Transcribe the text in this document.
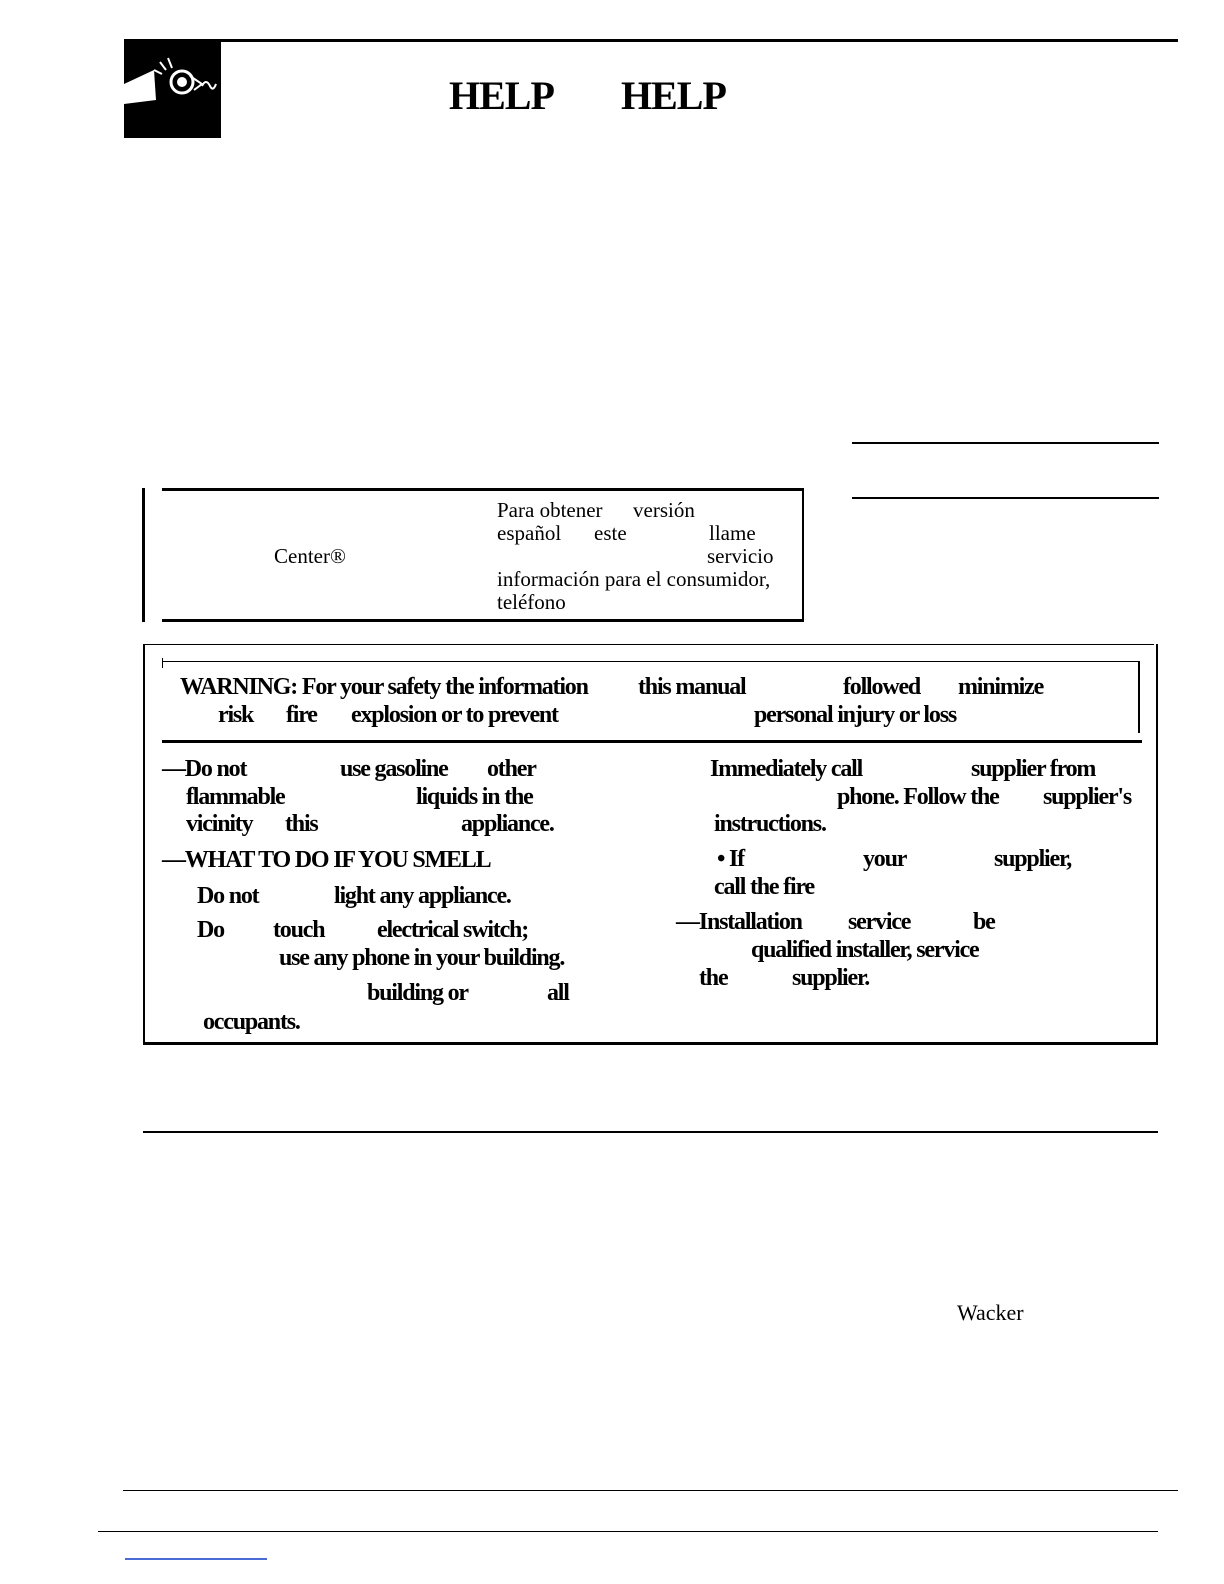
HELP HELP
Center®
Para obtener versión
español este	llame
servicio
información para el consumidor,
teléfono
WARNING: For your safety the information this manual	followed minimize
risk fire explosion or to prevent	personal injury or loss
—Do not	use gasoline other
flammable	liquids in the
vicinity this	appliance.
—WHAT TO DO IF YOU SMELL
Do not	light any appliance.
Do touch electrical switch;
use any phone in your building.
building or	all
occupants.
Immediately call	supplier from
phone. Follow the supplier's
instructions.
• If	your	supplier,
call the fire
—Installation service	be
qualified installer, service
the	supplier.
Wacker
